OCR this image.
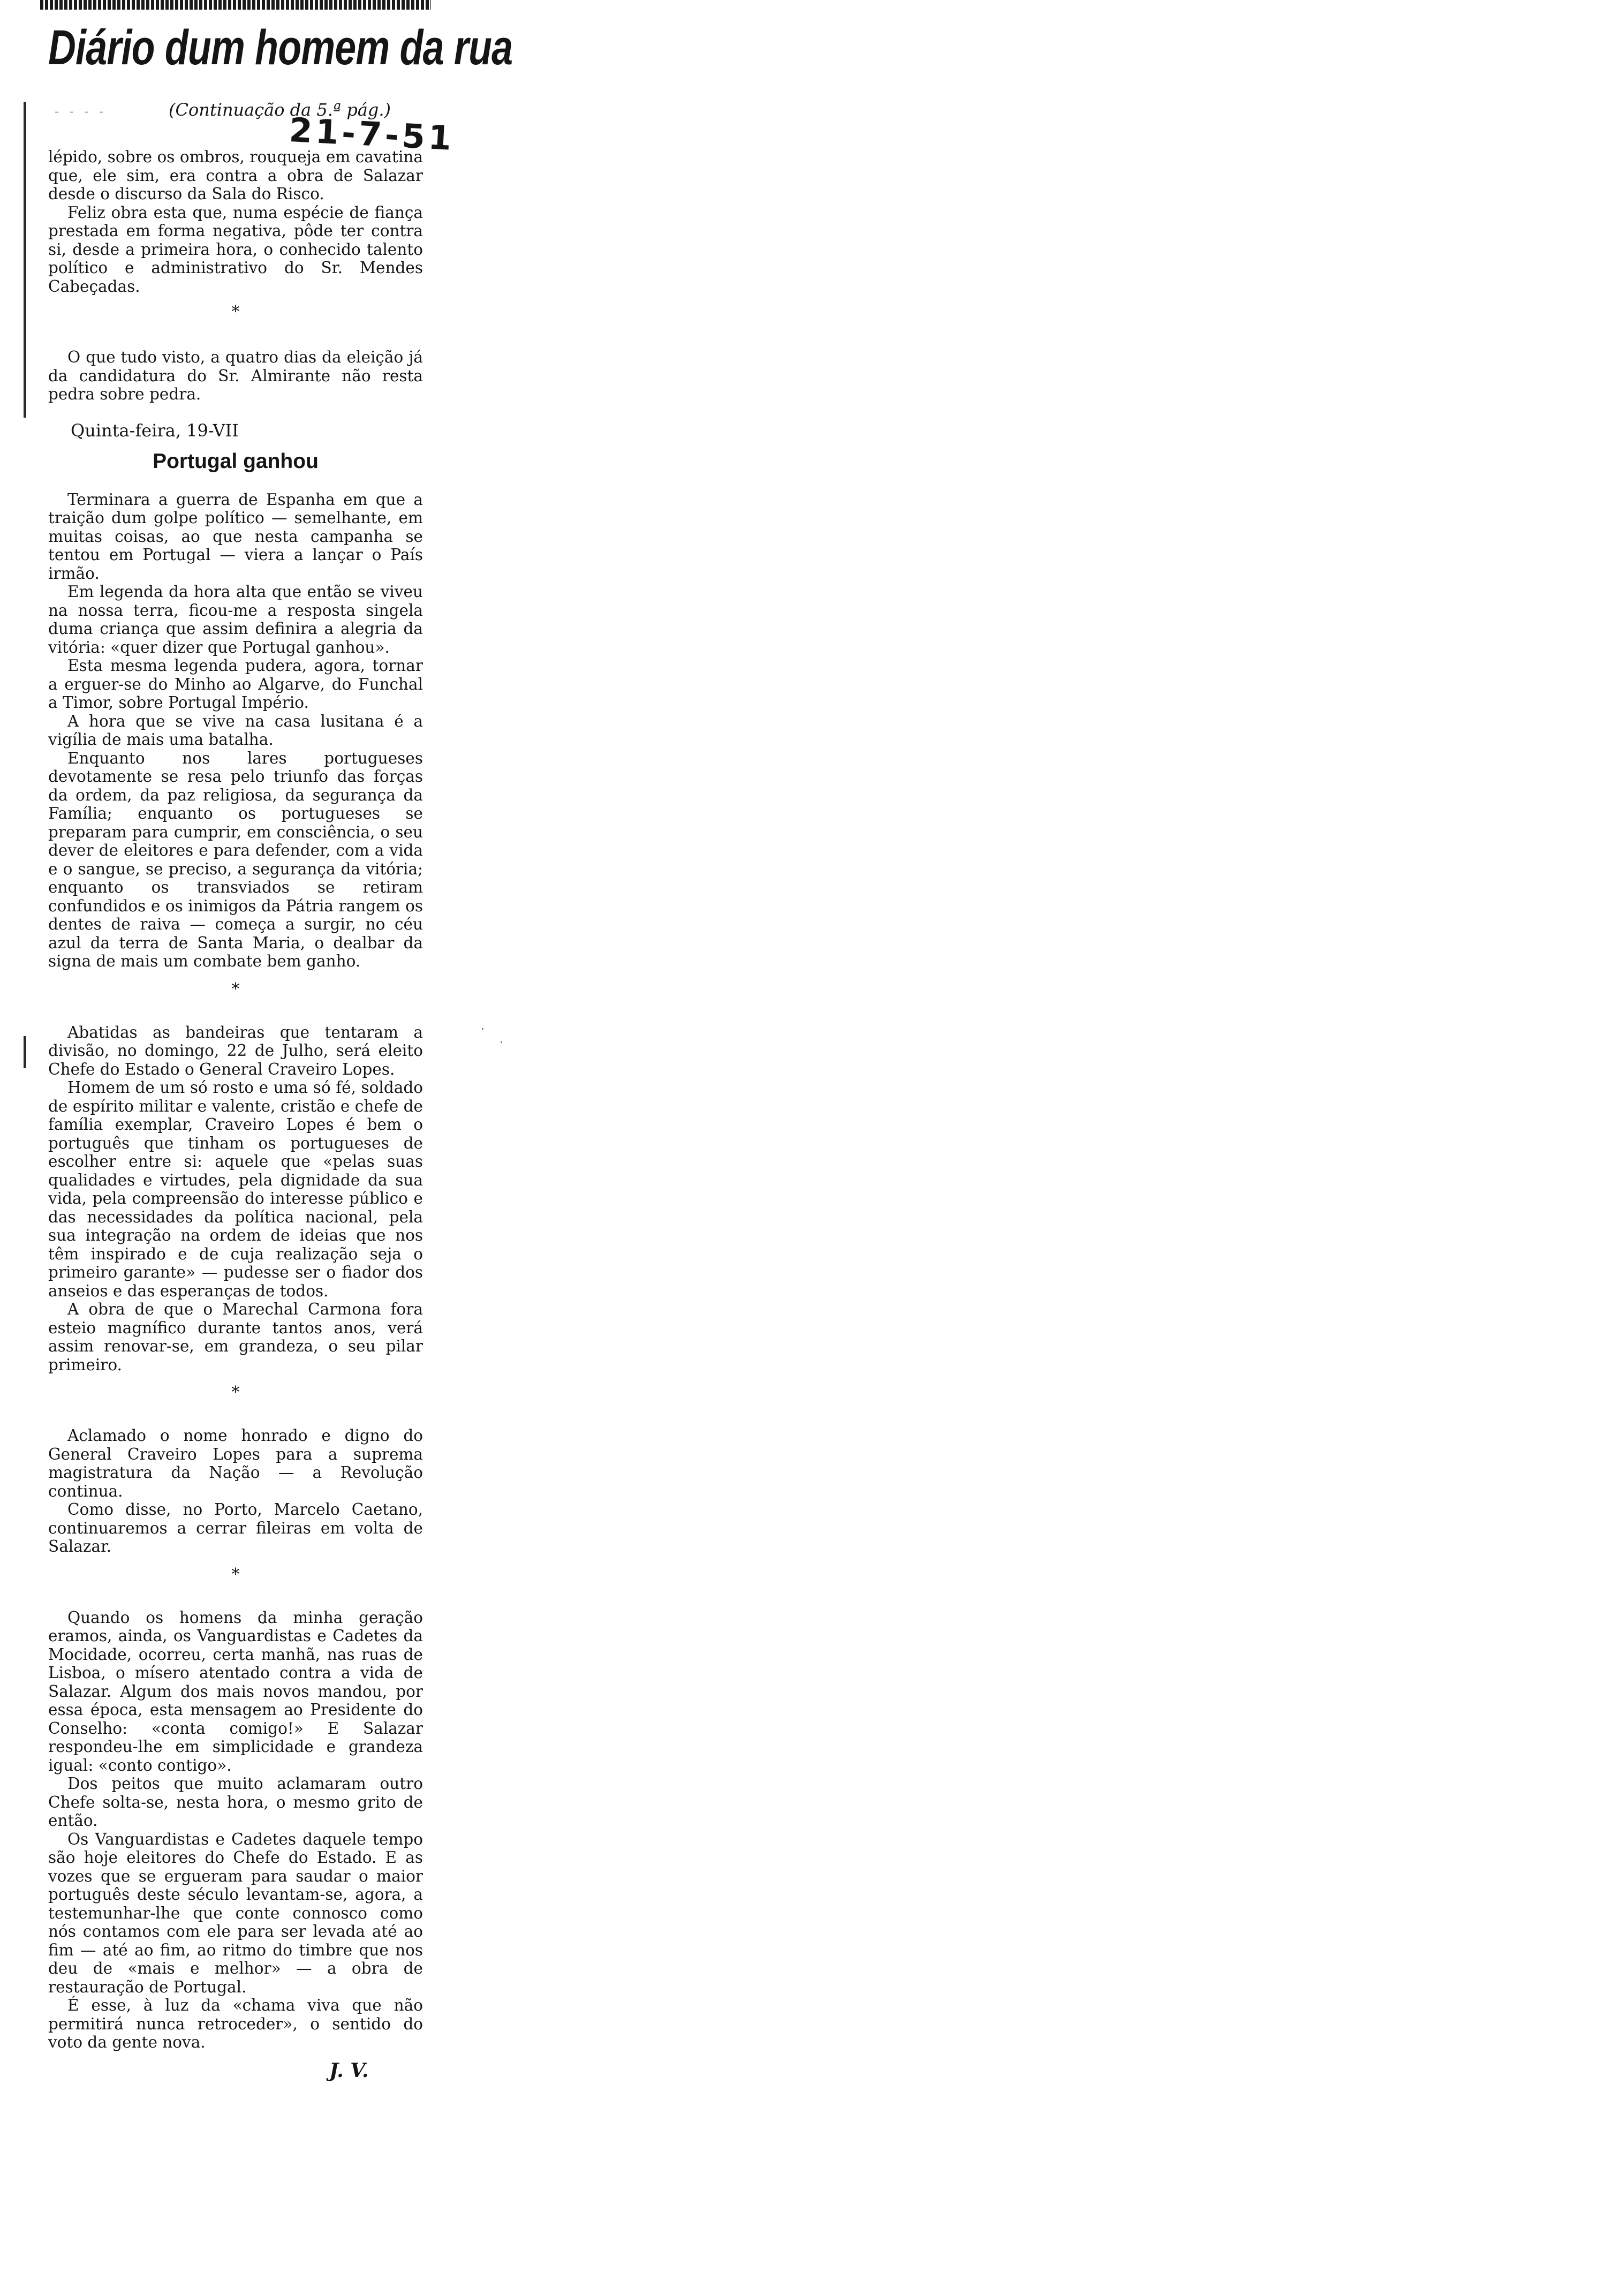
Diário dum homem da rua
- - - -	(Continuação da 5.ª pág.)
21-7-51

lépido, sobre os ombros, rouqueja em cavatina que, ele sim, era contra a obra de Salazar desde o discurso da Sala do Risco.

Feliz obra esta que, numa espécie de fiança prestada em forma negativa, pôde ter contra si, desde a primeira hora, o conhecido talento político e administrativo do Sr. Mendes Cabeçadas.

*

O que tudo visto, a quatro dias da eleição já da candidatura do Sr. Almirante não resta pedra sobre pedra.

Quinta-feira, 19-VII
Portugal ganhou

Terminara a guerra de Espanha em que a traição dum golpe político — semelhante, em muitas coisas, ao que nesta campanha se tentou em Portugal — viera a lançar o País irmão.

Em legenda da hora alta que então se viveu na nossa terra, ficou-me a resposta singela duma criança que assim definira a alegria da vitória: «quer dizer que Portugal ganhou».

Esta mesma legenda pudera, agora, tornar a erguer-se do Minho ao Algarve, do Funchal a Timor, sobre Portugal Império.

A hora que se vive na casa lusitana é a vigília de mais uma batalha.

Enquanto nos lares portugueses devotamente se resa pelo triunfo das forças da ordem, da paz religiosa, da segurança da Família; enquanto os portugueses se preparam para cumprir, em consciência, o seu dever de eleitores e para defender, com a vida e o sangue, se preciso, a segurança da vitória; enquanto os transviados se retiram confundidos e os inimigos da Pátria rangem os dentes de raiva — começa a surgir, no céu azul da terra de Santa Maria, o dealbar da signa de mais um combate bem ganho.

*

Abatidas as bandeiras que tentaram a divisão, no domingo, 22 de Julho, será eleito Chefe do Estado o General Craveiro Lopes.

Homem de um só rosto e uma só fé, soldado de espírito militar e valente, cristão e chefe de família exemplar, Craveiro Lopes é bem o português que tinham os portugueses de escolher entre si: aquele que «pelas suas qualidades e virtudes, pela dignidade da sua vida, pela compreensão do interesse público e das necessidades da política nacional, pela sua integração na ordem de ideias que nos têm inspirado e de cuja realização seja o primeiro garante» — pudesse ser o fiador dos anseios e das esperanças de todos.

A obra de que o Marechal Carmona fora esteio magnífico durante tantos anos, verá assim renovar-se, em grandeza, o seu pilar primeiro.

*

Aclamado o nome honrado e digno do General Craveiro Lopes para a suprema magistratura da Nação — a Revolução continua.

Como disse, no Porto, Marcelo Caetano, continuaremos a cerrar fileiras em volta de Salazar.

*

Quando os homens da minha geração eramos, ainda, os Vanguardistas e Cadetes da Mocidade, ocorreu, certa manhã, nas ruas de Lisboa, o mísero atentado contra a vida de Salazar. Algum dos mais novos mandou, por essa época, esta mensagem ao Presidente do Conselho: «conta comigo!» E Salazar respondeu-lhe em simplicidade e grandeza igual: «conto contigo».

Dos peitos que muito aclamaram outro Chefe solta-se, nesta hora, o mesmo grito de então.

Os Vanguardistas e Cadetes daquele tempo são hoje eleitores do Chefe do Estado. E as vozes que se ergueram para saudar o maior português deste século levantam-se, agora, a testemunhar-lhe que conte connosco como nós contamos com ele para ser levada até ao fim — até ao fim, ao ritmo do timbre que nos deu de «mais e melhor» — a obra de restauração de Portugal.

É esse, à luz da «chama viva que não permitirá nunca retroceder», o sentido do voto da gente nova.

J. V.
